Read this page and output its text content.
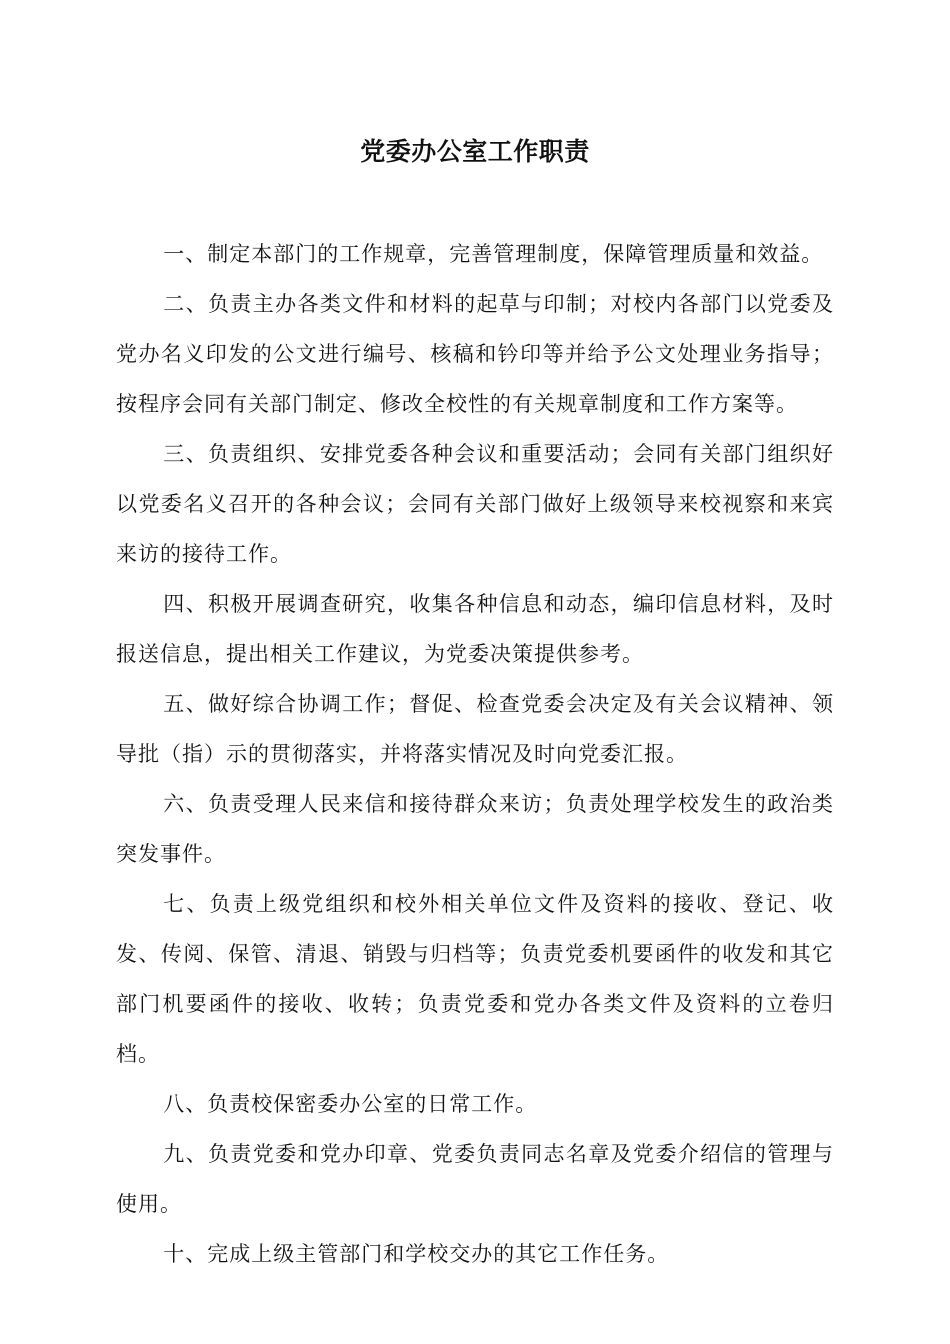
党委办公室工作职责

一、制定本部门的工作规章，完善管理制度，保障管理质量和效益。

二、负责主办各类文件和材料的起草与印制；对校内各部门以党委及党办名义印发的公文进行编号、核稿和钤印等并给予公文处理业务指导；按程序会同有关部门制定、修改全校性的有关规章制度和工作方案等。

三、负责组织、安排党委各种会议和重要活动；会同有关部门组织好以党委名义召开的各种会议；会同有关部门做好上级领导来校视察和来宾来访的接待工作。

四、积极开展调查研究，收集各种信息和动态，编印信息材料，及时报送信息，提出相关工作建议，为党委决策提供参考。

五、做好综合协调工作；督促、检查党委会决定及有关会议精神、领导批（指）示的贯彻落实，并将落实情况及时向党委汇报。

六、负责受理人民来信和接待群众来访；负责处理学校发生的政治类突发事件。

七、负责上级党组织和校外相关单位文件及资料的接收、登记、收发、传阅、保管、清退、销毁与归档等；负责党委机要函件的收发和其它部门机要函件的接收、收转；负责党委和党办各类文件及资料的立卷归档。

八、负责校保密委办公室的日常工作。

九、负责党委和党办印章、党委负责同志名章及党委介绍信的管理与使用。

十、完成上级主管部门和学校交办的其它工作任务。
